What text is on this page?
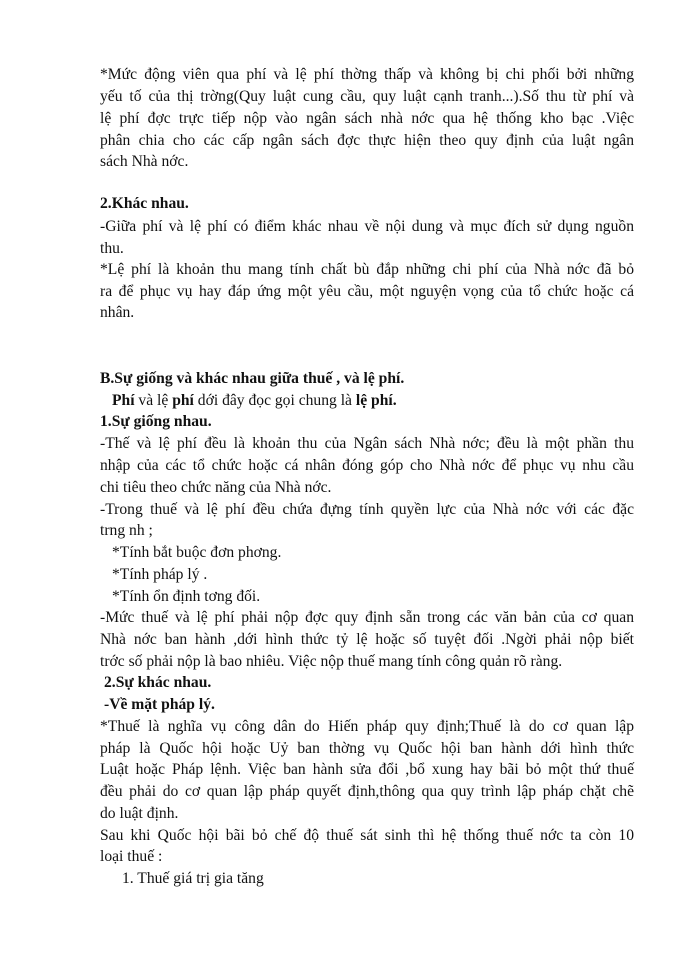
*Mức động viên qua phí và lệ phí thờng thấp và không bị chi phối bởi những
yếu tố của thị trờng(Quy luật cung cầu, quy luật cạnh tranh...).Số thu từ phí và
lệ phí đợc trực tiếp nộp vào ngân sách nhà nớc qua hệ thống kho bạc .Việc
phân chia cho các cấp ngân sách đợc thực hiện theo quy định của luật ngân
sách Nhà nớc.
2.Khác nhau.
-Giữa phí và lệ phí có điểm khác nhau về nội dung và mục đích sử dụng nguồn
thu.
*Lệ phí là khoản thu mang tính chất bù đắp những chi phí của Nhà nớc đã bỏ
ra để phục vụ hay đáp ứng một yêu cầu, một nguyện vọng của tổ chức hoặc cá
nhân.
B.Sự giống và khác nhau giữa thuế , và lệ phí.
Phí và lệ phí dới đây đọc gọi chung là lệ phí.
1.Sự giống nhau.
-Thế và lệ phí đều là khoản thu của Ngân sách Nhà nớc; đều là một phần thu
nhập của các tổ chức hoặc cá nhân đóng góp cho Nhà nớc để phục vụ nhu cầu
chi tiêu theo chức năng của Nhà nớc.
-Trong thuế và lệ phí đều chứa đựng tính quyền lực của Nhà nớc với các đặc
trng nh ;
*Tính bắt buộc đơn phơng.
*Tính pháp lý .
*Tính ổn định tơng đối.
-Mức thuế và lệ phí phải nộp đợc quy định sẵn trong các văn bản của cơ quan
Nhà nớc ban hành ,dới hình thức tỷ lệ hoặc số tuyệt đối .Ngời phải nộp biết
trớc số phải nộp là bao nhiêu. Việc nộp thuế mang tính công quản rõ ràng.
2.Sự khác nhau.
-Về mặt pháp lý.
*Thuế là nghĩa vụ công dân do Hiến pháp quy định;Thuế là do cơ quan lập
pháp là Quốc hội hoặc Uỷ ban thờng vụ Quốc hội ban hành dới hình thức
Luật hoặc Pháp lệnh. Việc ban hành sửa đổi ,bổ xung hay bãi bỏ một thứ thuế
đều phải do cơ quan lập pháp quyết định,thông qua quy trình lập pháp chặt chẽ
do luật định.
Sau khi Quốc hội bãi bỏ chế độ thuế sát sinh thì hệ thống thuế nớc ta còn 10
loại thuế :
1. Thuế giá trị gia tăng
